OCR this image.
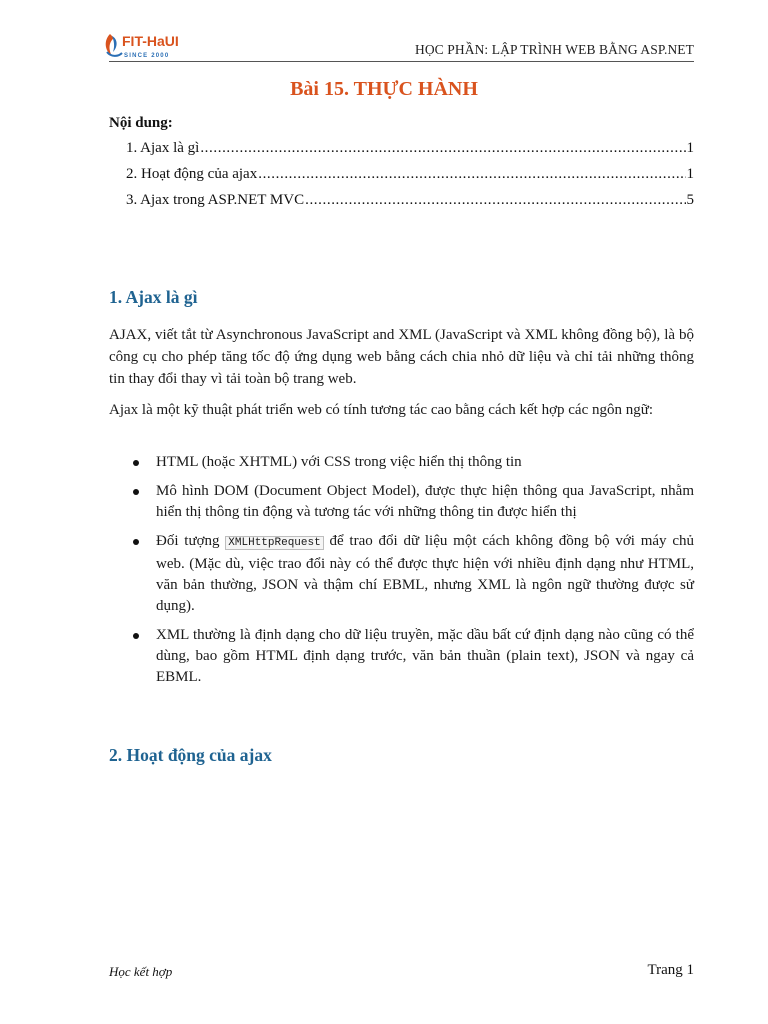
FIT-HaUI
SINCE 2000	HỌC PHẦN: LẬP TRÌNH WEB BẰNG ASP.NET
Bài 15. THỰC HÀNH
Nội dung:
1. Ajax là gì .....	1
2. Hoạt động của ajax .....	1
3. Ajax trong ASP.NET MVC .....	5
1. Ajax là gì
AJAX, viết tắt từ Asynchronous JavaScript and XML (JavaScript và XML không đồng bộ), là bộ công cụ cho phép tăng tốc độ ứng dụng web bằng cách chia nhỏ dữ liệu và chỉ tải những thông tin thay đổi thay vì tải toàn bộ trang web.
Ajax là một kỹ thuật phát triển web có tính tương tác cao bằng cách kết hợp các ngôn ngữ:
HTML (hoặc XHTML) với CSS trong việc hiển thị thông tin
Mô hình DOM (Document Object Model), được thực hiện thông qua JavaScript, nhằm hiển thị thông tin động và tương tác với những thông tin được hiển thị
Đối tượng XMLHttpRequest để trao đổi dữ liệu một cách không đồng bộ với máy chủ web. (Mặc dù, việc trao đổi này có thể được thực hiện với nhiều định dạng như HTML, văn bản thường, JSON và thậm chí EBML, nhưng XML là ngôn ngữ thường được sử dụng).
XML thường là định dạng cho dữ liệu truyền, mặc dầu bất cứ định dạng nào cũng có thể dùng, bao gồm HTML định dạng trước, văn bản thuần (plain text), JSON và ngay cả EBML.
2. Hoạt động của ajax
Học kết hợp	Trang 1
